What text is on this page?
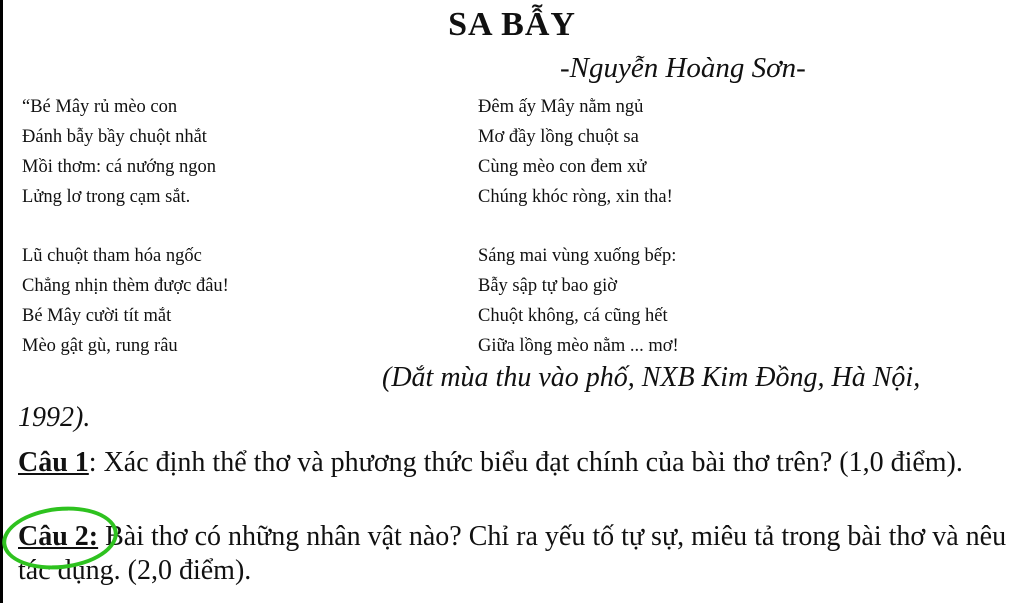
SA BẪY
-Nguyễn Hoàng Sơn-
“Bé Mây rủ mèo con
Đánh bẫy bầy chuột nhắt
Mồi thơm: cá nướng ngon
Lửng lơ trong cạm sắt.
Lũ chuột tham hóa ngốc
Chẳng nhịn thèm được đâu!
Bé Mây cười tít mắt
Mèo gật gù, rung râu
Đêm ấy Mây nằm ngủ
Mơ đầy lồng chuột sa
Cùng mèo con đem xử
Chúng khóc ròng, xin tha!
Sáng mai vùng xuống bếp:
Bẫy sập tự bao giờ
Chuột không, cá cũng hết
Giữa lồng mèo nằm ... mơ!
(Dắt mùa thu vào phố, NXB Kim Đồng, Hà Nội,
1992).
Câu 1: Xác định thể thơ và phương thức biểu đạt chính của bài thơ trên? (1,0 điểm).
Câu 2: Bài thơ có những nhân vật nào? Chỉ ra yếu tố tự sự, miêu tả trong bài thơ và nêu tác dụng. (2,0 điểm).
